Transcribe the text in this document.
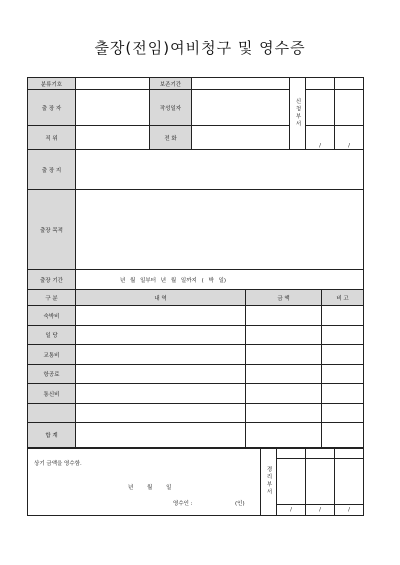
출장(전임)여비청구 및 영수증
분류기호		보존기간		신청부서		
출 장 자		작성일자				
직 위		전 화			/	/
출 장 지	
출장 목적	
출장 기간	년 월 일부터 년 월 일까지 ( 박 일)
구 분	내 역	금 액	비 고
숙박비			
일 당			
교통비			
항공료			
통신비			

합 계			
상기 금액을 영수함.
년 월 일
영수인 : (인)	경리부서			

		/	/	/
